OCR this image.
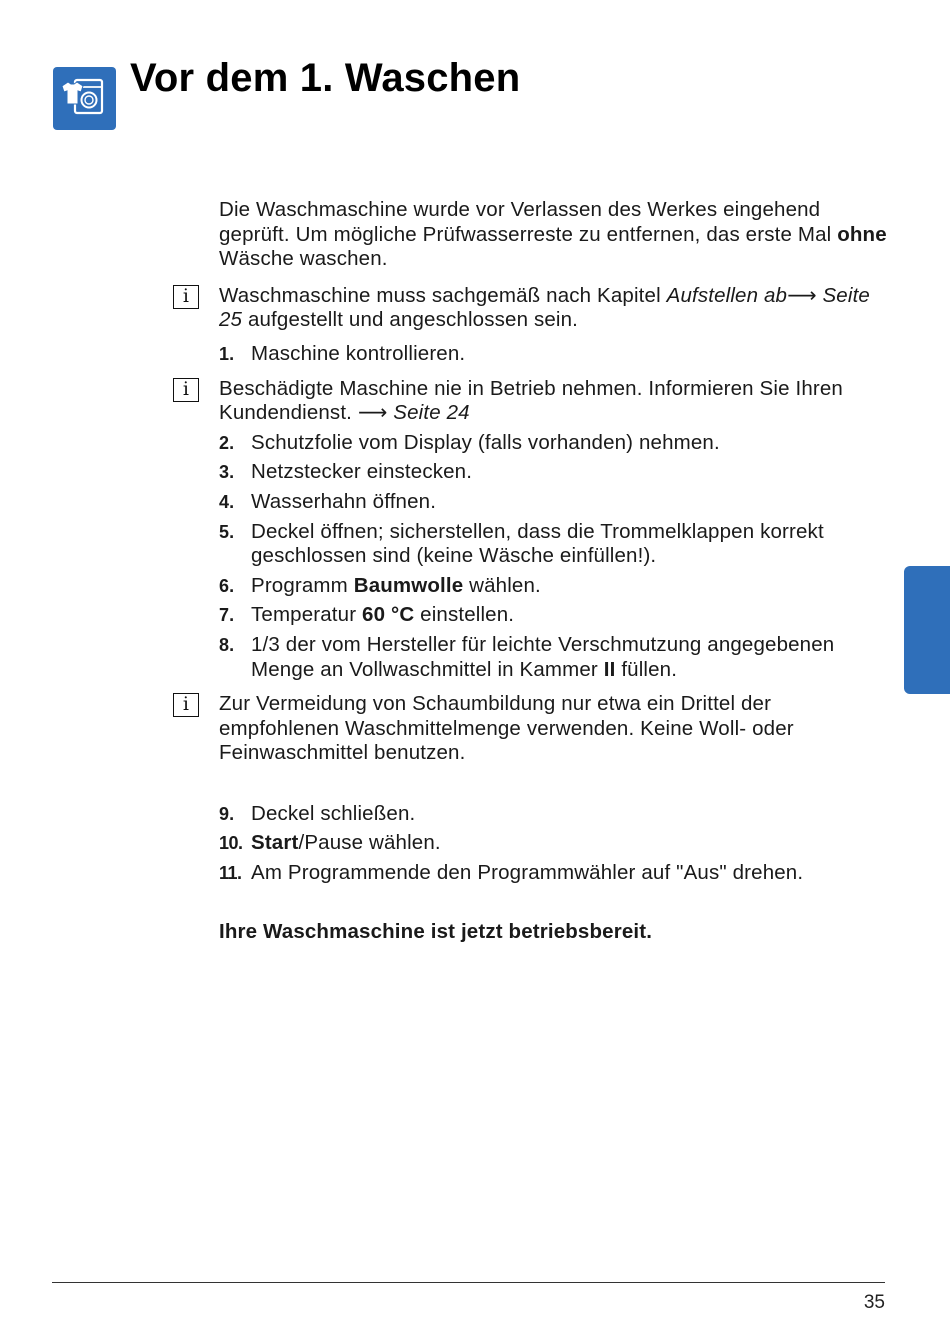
Vor dem 1. Waschen

Die Waschmaschine wurde vor Verlassen des Werkes eingehend geprüft. Um mögliche Prüfwasserreste zu entfernen, das erste Mal ohne Wäsche waschen.

i	Waschmaschine muss sachgemäß nach Kapitel Aufstellen ab⟶ Seite 25 aufgestellt und angeschlossen sein.
1. Maschine kontrollieren.
i	Beschädigte Maschine nie in Betrieb nehmen. Informieren Sie Ihren Kundendienst. ⟶ Seite 24
2. Schutzfolie vom Display (falls vorhanden) nehmen.
3. Netzstecker einstecken.
4. Wasserhahn öffnen.
5. Deckel öffnen; sicherstellen, dass die Trommelklappen korrekt geschlossen sind (keine Wäsche einfüllen!).
6. Programm Baumwolle wählen.
7. Temperatur 60 °C einstellen.
8. 1/3 der vom Hersteller für leichte Verschmutzung angegebenen Menge an Vollwaschmittel in Kammer II füllen.
i	Zur Vermeidung von Schaumbildung nur etwa ein Drittel der empfohlenen Waschmittelmenge verwenden. Keine Woll- oder Feinwaschmittel benutzen.
9. Deckel schließen.
10. Start/Pause wählen.
11. Am Programmende den Programmwähler auf "Aus" drehen.

Ihre Waschmaschine ist jetzt betriebsbereit.

35
